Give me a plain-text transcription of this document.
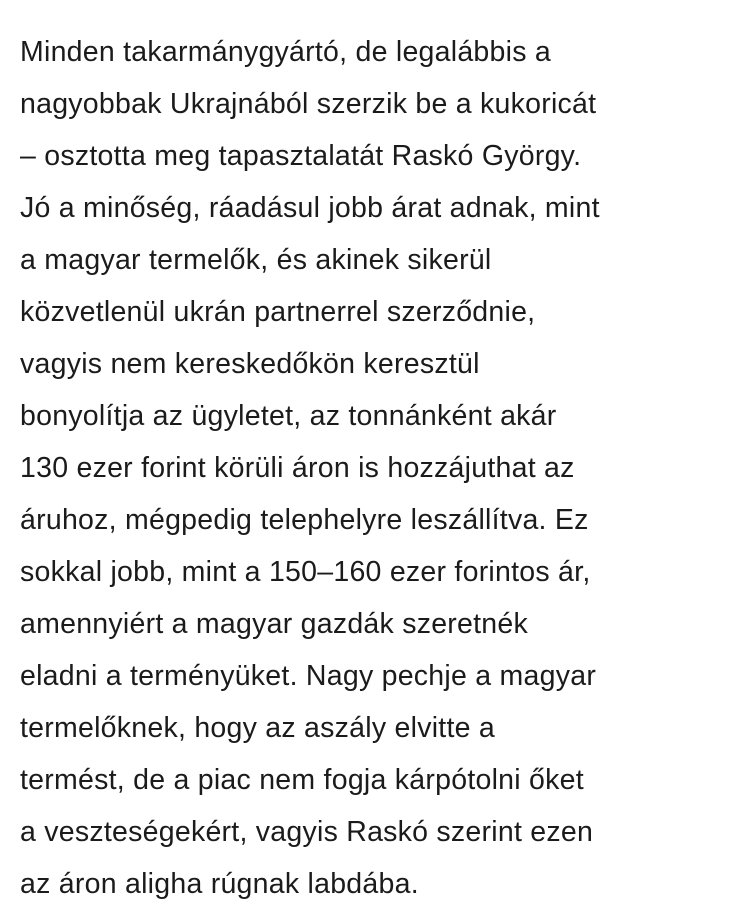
Minden takarmánygyártó, de legalábbis a
nagyobbak Ukrajnából szerzik be a kukoricát
– osztotta meg tapasztalatát Raskó György.
Jó a minőség, ráadásul jobb árat adnak, mint
a magyar termelők, és akinek sikerül
közvetlenül ukrán partnerrel szerződnie,
vagyis nem kereskedőkön keresztül
bonyolítja az ügyletet, az tonnánként akár
130 ezer forint körüli áron is hozzájuthat az
áruhoz, mégpedig telephelyre leszállítva. Ez
sokkal jobb, mint a 150–160 ezer forintos ár,
amennyiért a magyar gazdák szeretnék
eladni a terményüket. Nagy pechje a magyar
termelőknek, hogy az aszály elvitte a
termést, de a piac nem fogja kárpótolni őket
a veszteségekért, vagyis Raskó szerint ezen
az áron aligha rúgnak labdába.
